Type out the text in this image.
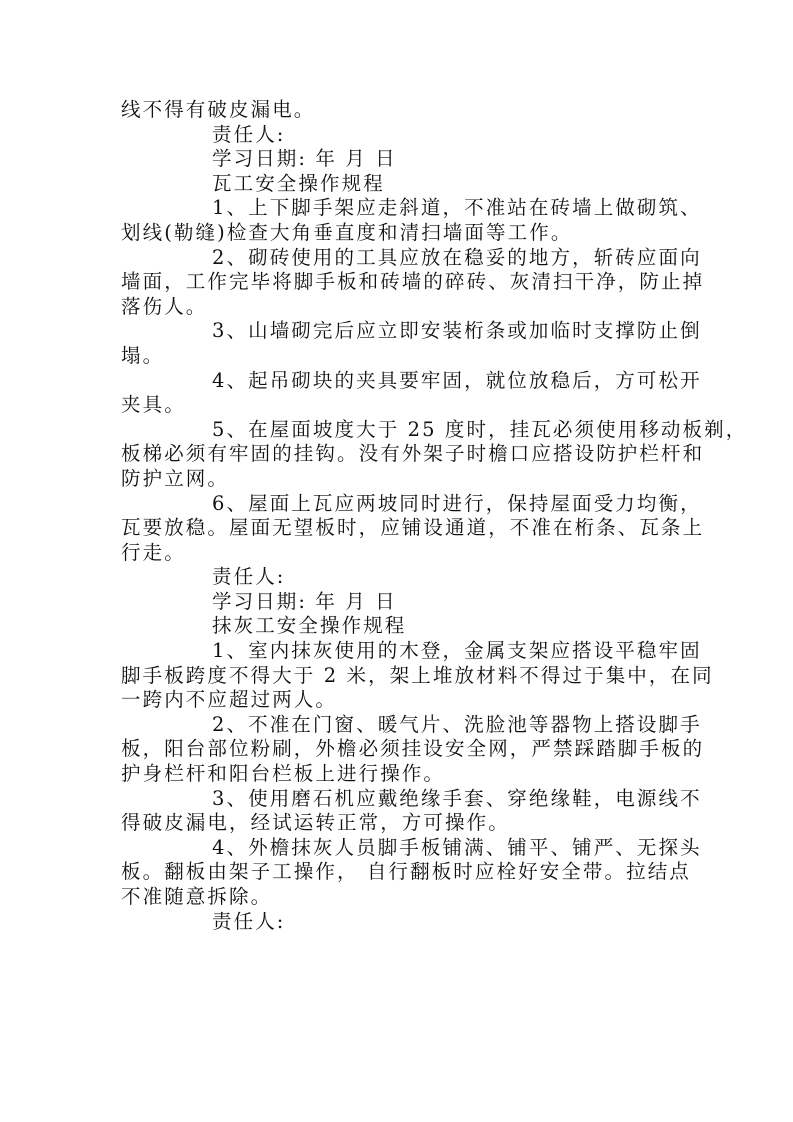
线不得有破皮漏电。
责任人:
学习日期: 年 月 日
瓦工安全操作规程
1、上下脚手架应走斜道，不准站在砖墙上做砌筑、
划线(勒缝)检查大角垂直度和清扫墙面等工作。
2、砌砖使用的工具应放在稳妥的地方，斩砖应面向
墙面，工作完毕将脚手板和砖墙的碎砖、灰清扫干净，防止掉
落伤人。
3、山墙砌完后应立即安装桁条或加临时支撑防止倒
塌。
4、起吊砌块的夹具要牢固，就位放稳后，方可松开
夹具。
5、在屋面坡度大于 25 度时，挂瓦必须使用移动板剃，
板梯必须有牢固的挂钩。没有外架子时檐口应搭设防护栏杆和
防护立网。
6、屋面上瓦应两坡同时进行，保持屋面受力均衡，
瓦要放稳。屋面无望板时，应铺设通道，不准在桁条、瓦条上
行走。
责任人:
学习日期: 年 月 日
抹灰工安全操作规程
1、室内抹灰使用的木登，金属支架应搭设平稳牢固
脚手板跨度不得大于 2 米，架上堆放材料不得过于集中，在同
一跨内不应超过两人。
2、不准在门窗、暖气片、洗脸池等器物上搭设脚手
板，阳台部位粉刷，外檐必须挂设安全网，严禁踩踏脚手板的
护身栏杆和阳台栏板上进行操作。
3、使用磨石机应戴绝缘手套、穿绝缘鞋，电源线不
得破皮漏电，经试运转正常，方可操作。
4、外檐抹灰人员脚手板铺满、铺平、铺严、无探头
板。翻板由架子工操作， 自行翻板时应栓好安全带。拉结点
不准随意拆除。
责任人:
